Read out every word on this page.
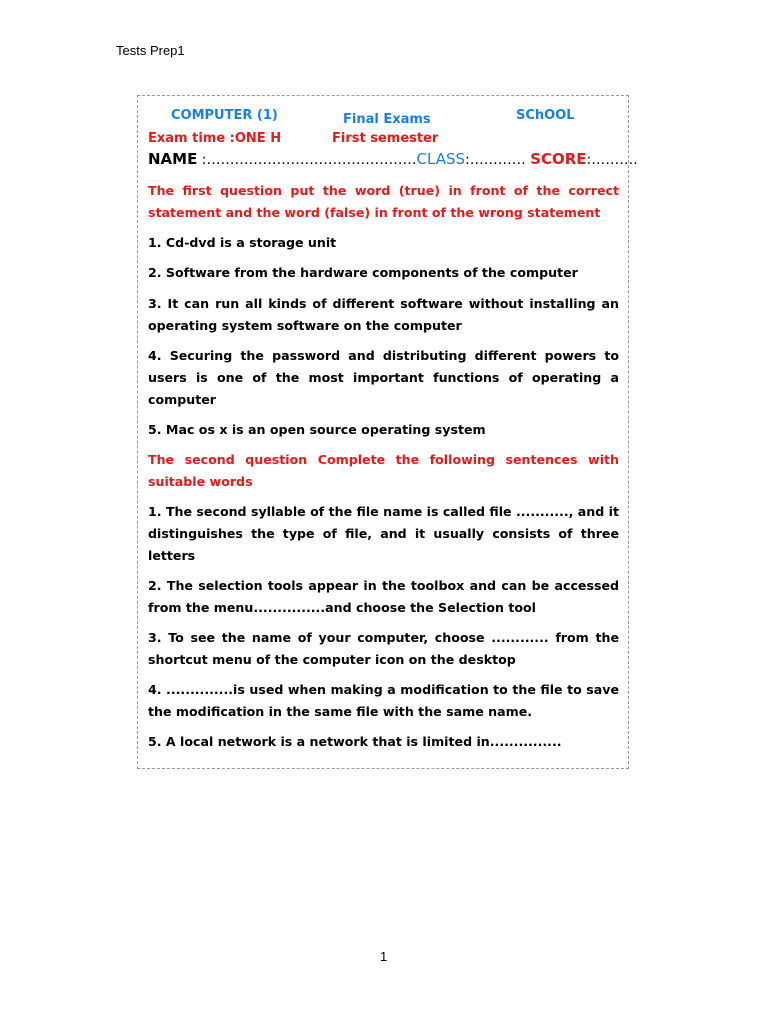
Tests Prep1
COMPUTER (1)	Final Exams	SChOOL
Exam time :ONE H	First semester
NAME :………………………………………CLASS:………… SCORE:……….
The first question put the word (true) in front of the correct statement and the word (false) in front of the wrong statement
1. Cd-dvd is a storage unit
2. Software from the hardware components of the computer
3. It can run all kinds of different software without installing an operating system software on the computer
4. Securing the password and distributing different powers to users is one of the most important functions of operating a computer
5. Mac os x is an open source operating system
The second question Complete the following sentences with suitable words
1. The second syllable of the file name is called file ..........., and it distinguishes the type of file, and it usually consists of three letters
2. The selection tools appear in the toolbox and can be accessed from the menu...............and choose the Selection tool
3. To see the name of your computer, choose ............ from the shortcut menu of the computer icon on the desktop
4. ..............is used when making a modification to the file to save the modification in the same file with the same name.
5. A local network is a network that is limited in...............
1
